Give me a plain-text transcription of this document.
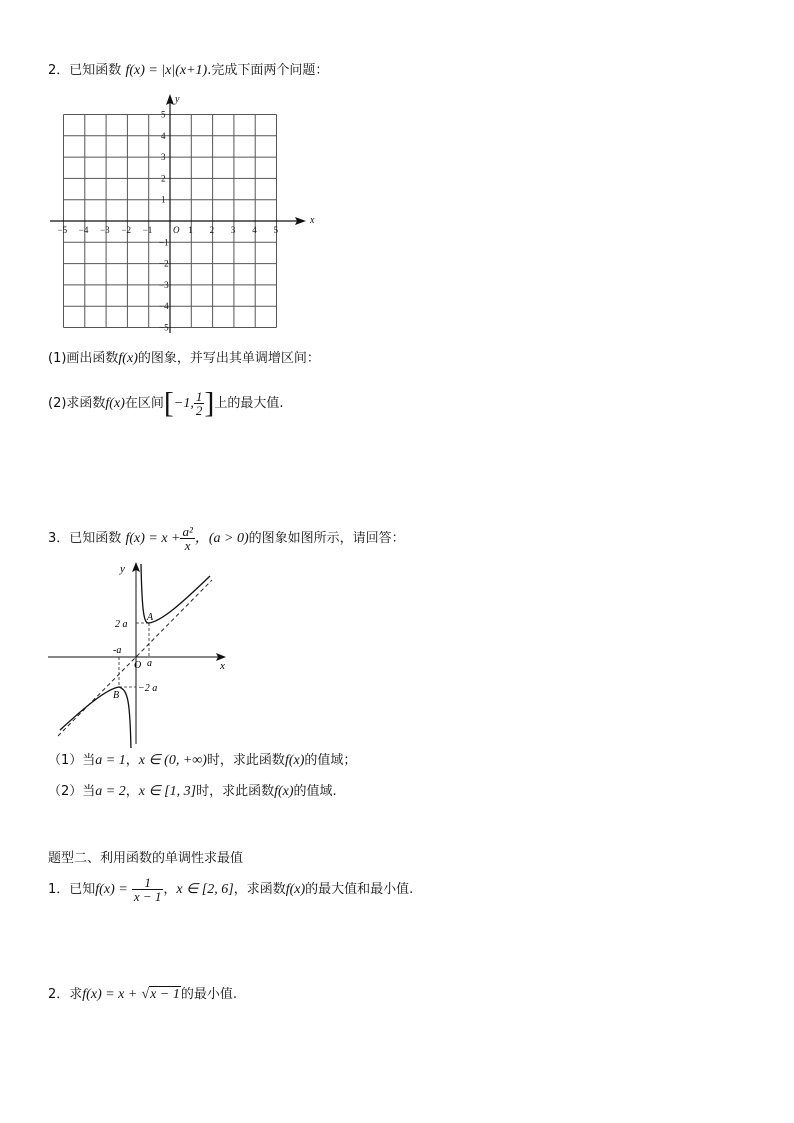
2．已知函数 f(x) = |x|(x+1).完成下面两个问题：
−5 −4 −3 −2 −1	1 2 3 4 5
5
4
3
2
1
−1
−2
−3
−4
−5
O
x
y
(1)画出函数f(x)的图象，并写出其单调增区间：
(2)求函数f(x)在区间[−1, $\frac{1}{2}$ ]上的最大值.
3．已知函数 $f(x) = x + \frac{\text{a²}}{x}$ ，(a > 0)的图象如图所示，请回答：
y
x
O
2 a
−2 a
-a
a
A
B
（1）当a = 1，x ∈ (0, +∞)时，求此函数f(x)的值域；
（2）当a = 2，x ∈ [1, 3]时，求此函数f(x)的值域.
题型二、利用函数的单调性求最值
1．已知$f(x) = \frac{1}{x - 1}$ ，x ∈ [2, 6]，求函数f(x)的最大值和最小值.
2．求f(x) = x + √x − 1的最小值.
